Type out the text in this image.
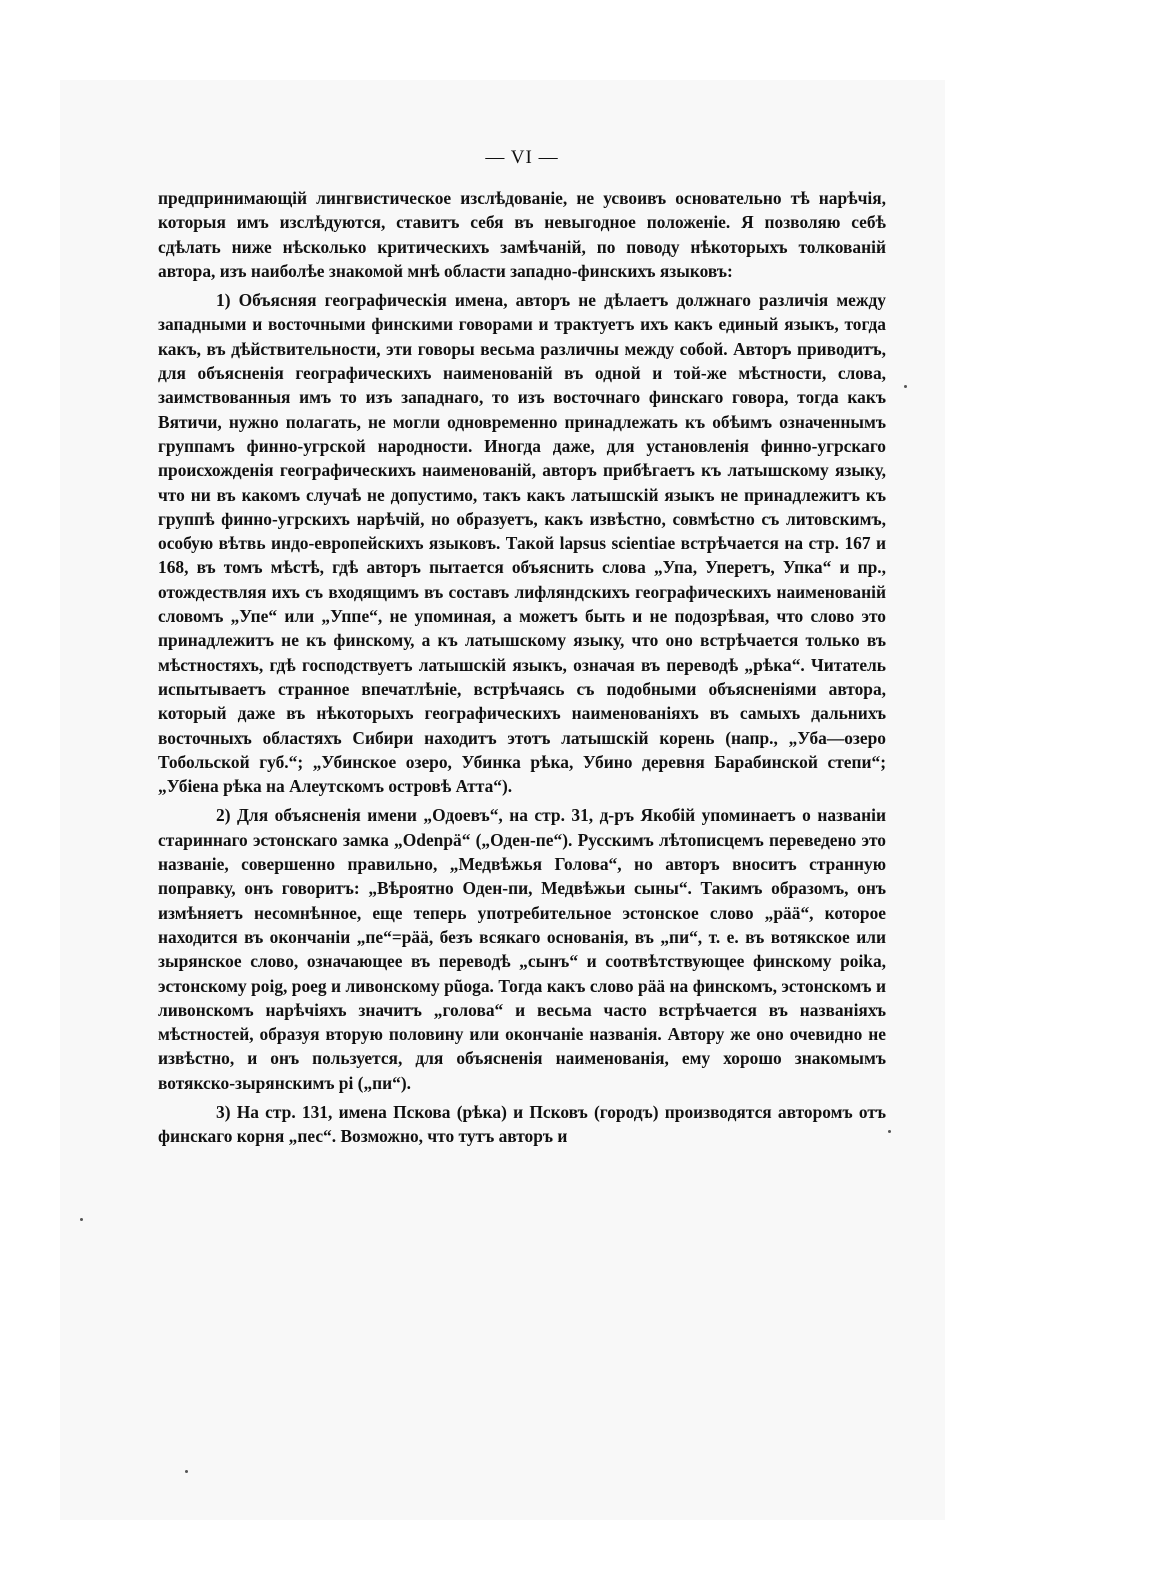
— VI —

предпринимающій лингвистическое изслѣдованіе, не усвоивъ основательно тѣ нарѣчія, которыя имъ изслѣдуются, ставитъ себя въ невыгодное положеніе. Я позволяю себѣ сдѣлать ниже нѣсколько критическихъ замѣчаній, по поводу нѣкоторыхъ толкованій автора, изъ наиболѣе знакомой мнѣ области западно-финскихъ языковъ:

1) Объясняя географическія имена, авторъ не дѣлаетъ должнаго различія между западными и восточными финскими говорами и трактуетъ ихъ какъ единый языкъ, тогда какъ, въ дѣйствительности, эти говоры весьма различны между собой. Авторъ приводитъ, для объясненія географическихъ наименованій въ одной и той-же мѣстности, слова, заимствованныя имъ то изъ западнаго, то изъ восточнаго финскаго говора, тогда какъ Вятичи, нужно полагать, не могли одновременно принадлежать къ обѣимъ означеннымъ группамъ финно-угрской народности. Иногда даже, для установленія финно-угрскаго происхожденія географическихъ наименованій, авторъ прибѣгаетъ къ латышскому языку, что ни въ какомъ случаѣ не допустимо, такъ какъ латышскій языкъ не принадлежитъ къ группѣ финно-угрскихъ нарѣчій, но образуетъ, какъ извѣстно, совмѣстно съ литовскимъ, особую вѣтвь индо-европейскихъ языковъ. Такой lapsus scientiae встрѣчается на стр. 167 и 168, въ томъ мѣстѣ, гдѣ авторъ пытается объяснить слова „Упа, Уперетъ, Упка“ и пр., отождествляя ихъ съ входящимъ въ составъ лифляндскихъ географическихъ наименованій словомъ „Упе“ или „Уппе“, не упоминая, а можетъ быть и не подозрѣвая, что слово это принадлежитъ не къ финскому, а къ латышскому языку, что оно встрѣчается только въ мѣстностяхъ, гдѣ господствуетъ латышскій языкъ, означая въ переводѣ „рѣка“. Читатель испытываетъ странное впечатлѣніе, встрѣчаясь съ подобными объясненіями автора, который даже въ нѣкоторыхъ географическихъ наименованіяхъ въ самыхъ дальнихъ восточныхъ областяхъ Сибири находитъ этотъ латышскій корень (напр., „Уба—озеро Тобольской губ.“; „Убинское озеро, Убинка рѣка, Убино деревня Барабинской степи“; „Убіена рѣка на Алеутскомъ островѣ Атта“).

2) Для объясненія имени „Одоевъ“, на стр. 31, д-ръ Якобій упоминаетъ о названіи стариннаго эстонскаго замка „Odenpä“ („Оден-пе“). Русскимъ лѣтописцемъ переведено это названіе, совершенно правильно, „Медвѣжья Голова“, но авторъ вноситъ странную поправку, онъ говоритъ: „Вѣроятно Оден-пи, Медвѣжьи сыны“. Такимъ образомъ, онъ измѣняетъ несомнѣнное, еще теперь употребительное эстонское слово „pää“, которое находится въ окончаніи „пе“=pää, безъ всякаго основанія, въ „пи“, т. е. въ вотякское или зырянское слово, означающее въ переводѣ „сынъ“ и соотвѣтствующее финскому poika, эстонскому poig, poeg и ливонскому pũoga. Тогда какъ слово pää на финскомъ, эстонскомъ и ливонскомъ нарѣчіяхъ значитъ „голова“ и весьма часто встрѣчается въ названіяхъ мѣстностей, образуя вторую половину или окончаніе названія. Автору же оно очевидно не извѣстно, и онъ пользуется, для объясненія наименованія, ему хорошо знакомымъ вотякско-зырянскимъ pi („пи“).

3) На стр. 131, имена Пскова (рѣка) и Псковъ (городъ) производятся авторомъ отъ финскаго корня „пес“. Возможно, что тутъ авторъ и
